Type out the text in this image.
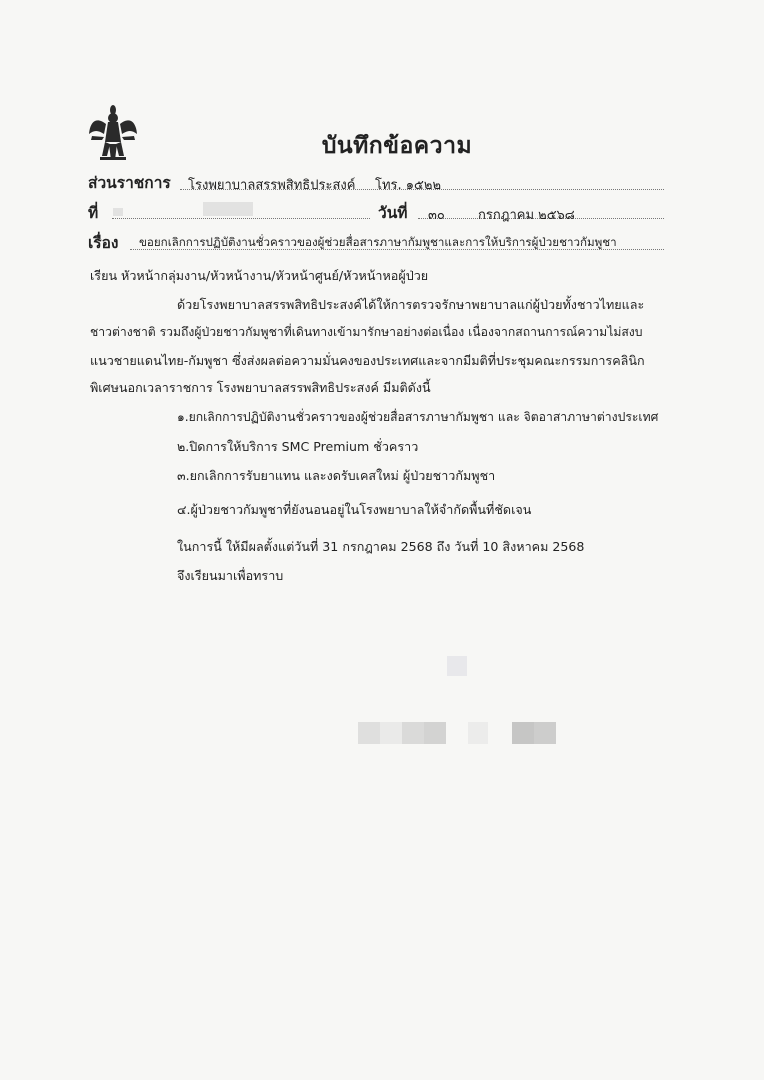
บันทึกข้อความ
ส่วนราชการ โรงพยาบาลสรรพสิทธิประสงค์ โทร. ๑๕๒๒
ที่	วันที่ ๓๐	กรกฎาคม ๒๕๖๘
เรื่อง ขอยกเลิกการปฏิบัติงานชั่วคราวของผู้ช่วยสื่อสารภาษากัมพูชาและการให้บริการผู้ป่วยชาวกัมพูชา
เรียน หัวหน้ากลุ่มงาน/หัวหน้างาน/หัวหน้าศูนย์/หัวหน้าหอผู้ป่วย
ด้วยโรงพยาบาลสรรพสิทธิประสงค์ได้ให้การตรวจรักษาพยาบาลแก่ผู้ป่วยทั้งชาวไทยและ
ชาวต่างชาติ รวมถึงผู้ป่วยชาวกัมพูชาที่เดินทางเข้ามารักษาอย่างต่อเนื่อง เนื่องจากสถานการณ์ความไม่สงบ
แนวชายแดนไทย-กัมพูชา ซึ่งส่งผลต่อความมั่นคงของประเทศและจากมีมติที่ประชุมคณะกรรมการคลินิก
พิเศษนอกเวลาราชการ โรงพยาบาลสรรพสิทธิประสงค์ มีมติดังนี้
๑.ยกเลิกการปฏิบัติงานชั่วคราวของผู้ช่วยสื่อสารภาษากัมพูชา และ จิตอาสาภาษาต่างประเทศ
๒.ปิดการให้บริการ SMC Premium ชั่วคราว
๓.ยกเลิกการรับยาแทน และงดรับเคสใหม่ ผู้ป่วยชาวกัมพูชา
๔.ผู้ป่วยชาวกัมพูชาที่ยังนอนอยู่ในโรงพยาบาลให้จำกัดพื้นที่ชัดเจน
ในการนี้ ให้มีผลตั้งแต่วันที่ 31 กรกฎาคม 2568 ถึง วันที่ 10 สิงหาคม 2568
จึงเรียนมาเพื่อทราบ
